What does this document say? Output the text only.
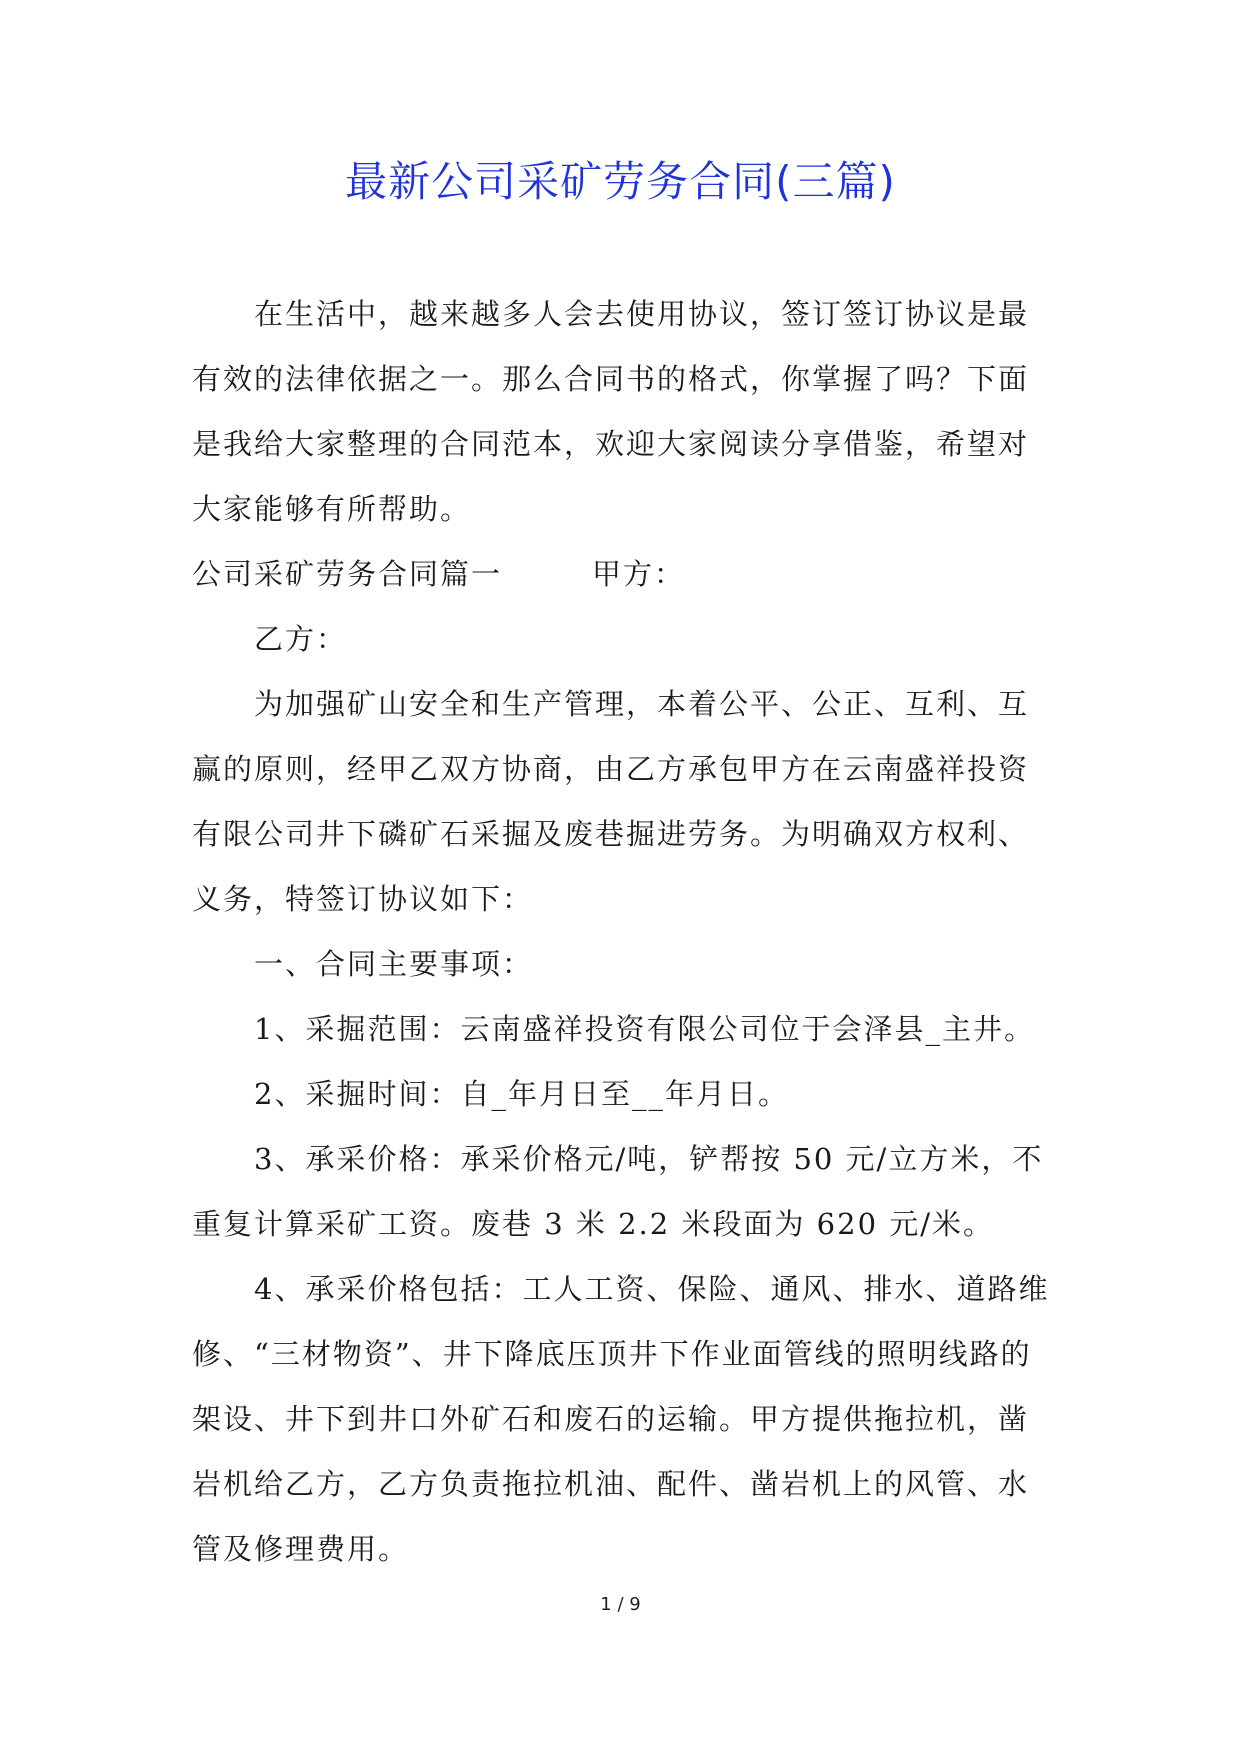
最新公司采矿劳务合同(三篇)

在生活中，越来越多人会去使用协议，签订签订协议是最有效的法律依据之一。那么合同书的格式，你掌握了吗？下面是我给大家整理的合同范本，欢迎大家阅读分享借鉴，希望对大家能够有所帮助。

公司采矿劳务合同篇一	甲方：

乙方：

为加强矿山安全和生产管理，本着公平、公正、互利、互赢的原则，经甲乙双方协商，由乙方承包甲方在云南盛祥投资有限公司井下磷矿石采掘及废巷掘进劳务。为明确双方权利、义务，特签订协议如下：

一、合同主要事项：

1、采掘范围：云南盛祥投资有限公司位于会泽县_主井。

2、采掘时间：自_年月日至__年月日。

3、承采价格：承采价格元/吨，铲帮按 50 元/立方米，不重复计算采矿工资。废巷 3 米 2.2 米段面为 620 元/米。

4、承采价格包括：工人工资、保险、通风、排水、道路维修、“三材物资”、井下降底压顶井下作业面管线的照明线路的架设、井下到井口外矿石和废石的运输。甲方提供拖拉机，凿岩机给乙方，乙方负责拖拉机油、配件、凿岩机上的风管、水管及修理费用。

1 / 9
